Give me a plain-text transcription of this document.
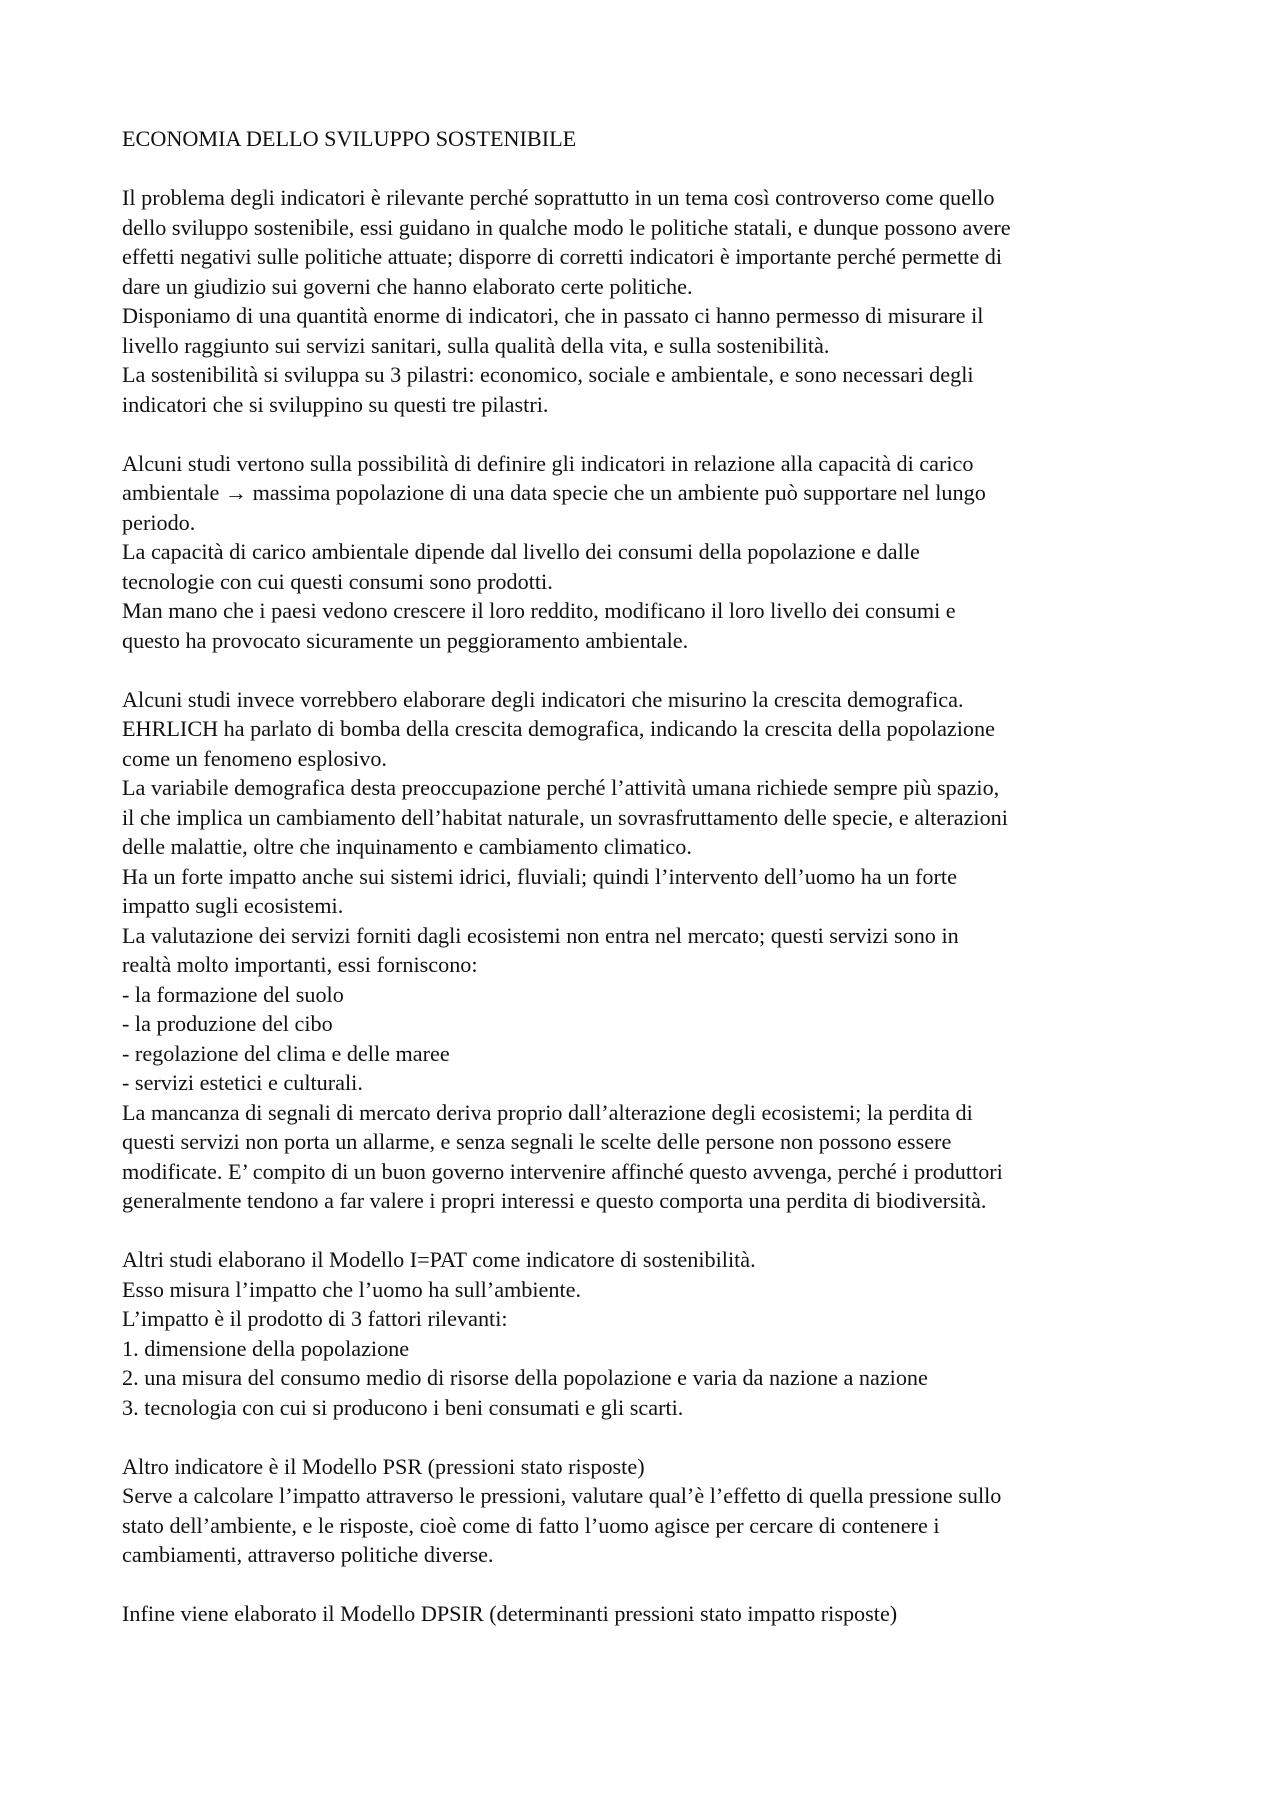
ECONOMIA DELLO SVILUPPO SOSTENIBILE
Il problema degli indicatori è rilevante perché soprattutto in un tema così controverso come quello
dello sviluppo sostenibile, essi guidano in qualche modo le politiche statali, e dunque possono avere
effetti negativi sulle politiche attuate; disporre di corretti indicatori è importante perché permette di
dare un giudizio sui governi che hanno elaborato certe politiche.
Disponiamo di una quantità enorme di indicatori, che in passato ci hanno permesso di misurare il
livello raggiunto sui servizi sanitari, sulla qualità della vita, e sulla sostenibilità.
La sostenibilità si sviluppa su 3 pilastri: economico, sociale e ambientale, e sono necessari degli
indicatori che si sviluppino su questi tre pilastri.
Alcuni studi vertono sulla possibilità di definire gli indicatori in relazione alla capacità di carico
ambientale → massima popolazione di una data specie che un ambiente può supportare nel lungo
periodo.
La capacità di carico ambientale dipende dal livello dei consumi della popolazione e dalle
tecnologie con cui questi consumi sono prodotti.
Man mano che i paesi vedono crescere il loro reddito, modificano il loro livello dei consumi e
questo ha provocato sicuramente un peggioramento ambientale.
Alcuni studi invece vorrebbero elaborare degli indicatori che misurino la crescita demografica.
EHRLICH ha parlato di bomba della crescita demografica, indicando la crescita della popolazione
come un fenomeno esplosivo.
La variabile demografica desta preoccupazione perché l’attività umana richiede sempre più spazio,
il che implica un cambiamento dell’habitat naturale, un sovrasfruttamento delle specie, e alterazioni
delle malattie, oltre che inquinamento e cambiamento climatico.
Ha un forte impatto anche sui sistemi idrici, fluviali; quindi l’intervento dell’uomo ha un forte
impatto sugli ecosistemi.
La valutazione dei servizi forniti dagli ecosistemi non entra nel mercato; questi servizi sono in
realtà molto importanti, essi forniscono:
- la formazione del suolo
- la produzione del cibo
- regolazione del clima e delle maree
- servizi estetici e culturali.
La mancanza di segnali di mercato deriva proprio dall’alterazione degli ecosistemi; la perdita di
questi servizi non porta un allarme, e senza segnali le scelte delle persone non possono essere
modificate. E’ compito di un buon governo intervenire affinché questo avvenga, perché i produttori
generalmente tendono a far valere i propri interessi e questo comporta una perdita di biodiversità.
Altri studi elaborano il Modello I=PAT come indicatore di sostenibilità.
Esso misura l’impatto che l’uomo ha sull’ambiente.
L’impatto è il prodotto di 3 fattori rilevanti:
1. dimensione della popolazione
2. una misura del consumo medio di risorse della popolazione e varia da nazione a nazione
3. tecnologia con cui si producono i beni consumati e gli scarti.
Altro indicatore è il Modello PSR (pressioni stato risposte)
Serve a calcolare l’impatto attraverso le pressioni, valutare qual’è l’effetto di quella pressione sullo
stato dell’ambiente, e le risposte, cioè come di fatto l’uomo agisce per cercare di contenere i
cambiamenti, attraverso politiche diverse.
Infine viene elaborato il Modello DPSIR (determinanti pressioni stato impatto risposte)
